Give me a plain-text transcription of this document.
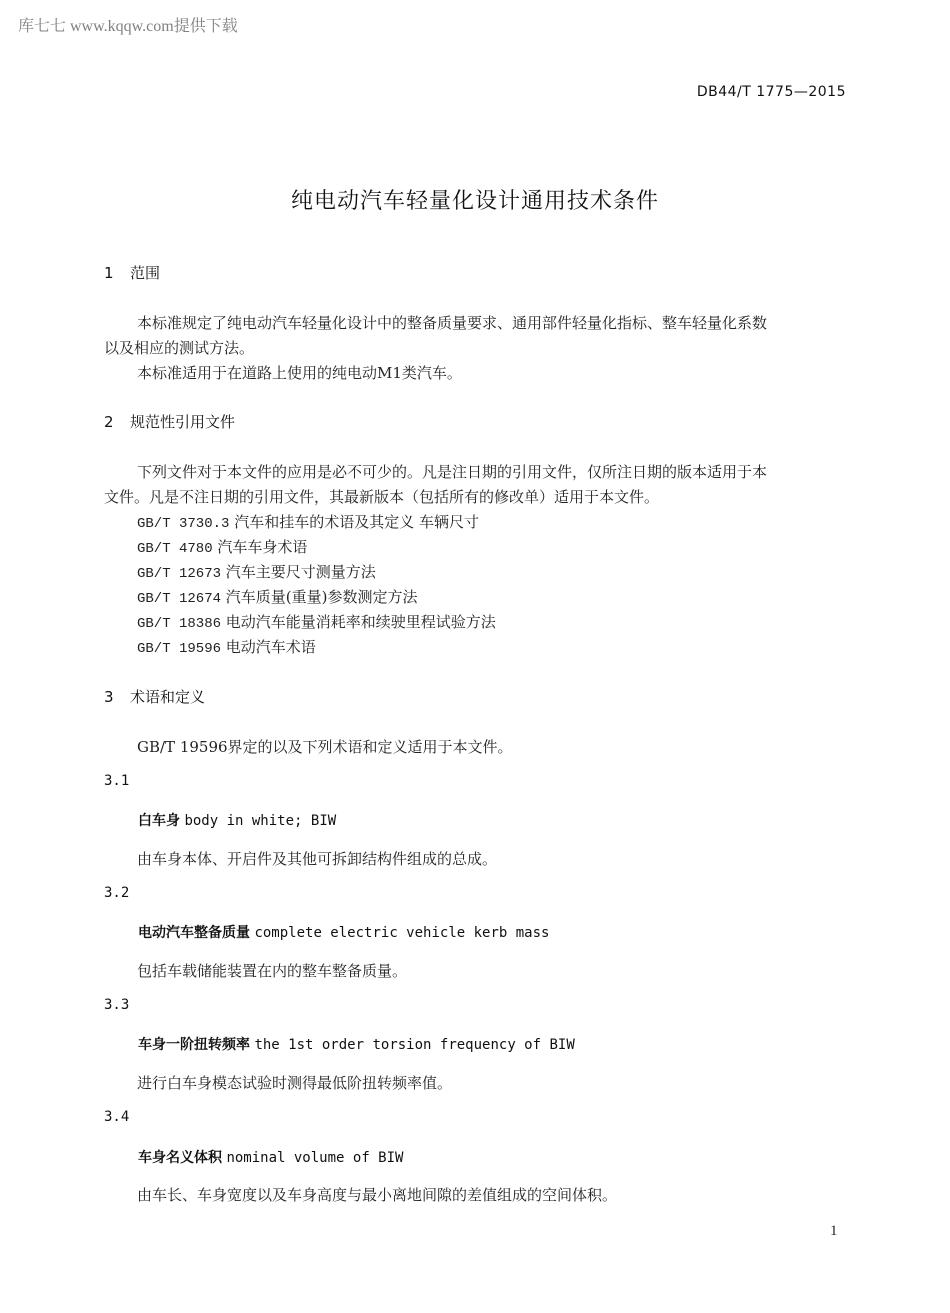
库七七 www.kqqw.com提供下载
DB44/T 1775—2015
纯电动汽车轻量化设计通用技术条件
1 范围
本标准规定了纯电动汽车轻量化设计中的整备质量要求、通用部件轻量化指标、整车轻量化系数
以及相应的测试方法。
本标准适用于在道路上使用的纯电动M1类汽车。
2 规范性引用文件
下列文件对于本文件的应用是必不可少的。凡是注日期的引用文件，仅所注日期的版本适用于本
文件。凡是不注日期的引用文件，其最新版本（包括所有的修改单）适用于本文件。
GB/T 3730.3 汽车和挂车的术语及其定义 车辆尺寸
GB/T 4780 汽车车身术语
GB/T 12673 汽车主要尺寸测量方法
GB/T 12674 汽车质量(重量)参数测定方法
GB/T 18386 电动汽车能量消耗率和续驶里程试验方法
GB/T 19596 电动汽车术语
3 术语和定义
GB/T 19596界定的以及下列术语和定义适用于本文件。
3.1
白车身 body in white; BIW
由车身本体、开启件及其他可拆卸结构件组成的总成。
3.2
电动汽车整备质量 complete electric vehicle kerb mass
包括车载储能装置在内的整车整备质量。
3.3
车身一阶扭转频率 the 1st order torsion frequency of BIW
进行白车身模态试验时测得最低阶扭转频率值。
3.4
车身名义体积 nominal volume of BIW
由车长、车身宽度以及车身高度与最小离地间隙的差值组成的空间体积。
1
